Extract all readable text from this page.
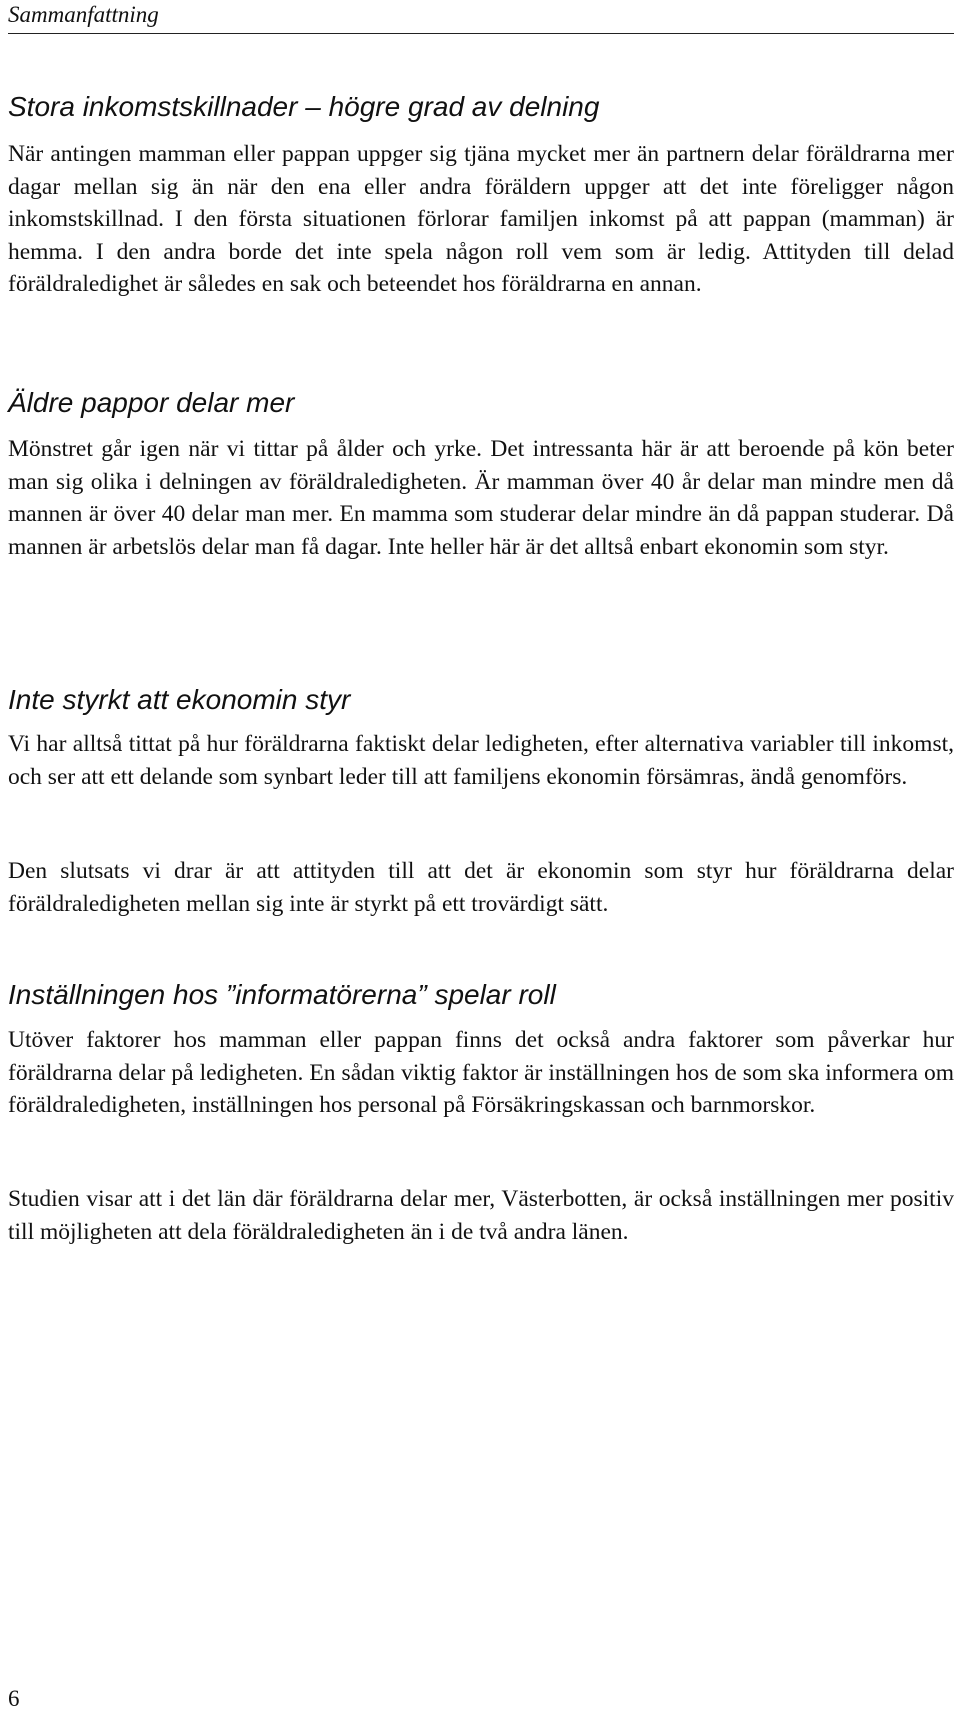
Sammanfattning
Stora inkomstskillnader – högre grad av delning

När antingen mamman eller pappan uppger sig tjäna mycket mer än partnern delar föräldrarna mer dagar mellan sig än när den ena eller andra föräldern uppger att det inte föreligger någon inkomstskillnad. I den första situationen förlorar familjen inkomst på att pappan (mamman) är hemma. I den andra borde det inte spela någon roll vem som är ledig. Attityden till delad föräldraledighet är således en sak och beteendet hos föräldrarna en annan.

Äldre pappor delar mer

Mönstret går igen när vi tittar på ålder och yrke. Det intressanta här är att beroende på kön beter man sig olika i delningen av föräldraledigheten. Är mamman över 40 år delar man mindre men då mannen är över 40 delar man mer. En mamma som studerar delar mindre än då pappan studerar. Då mannen är arbetslös delar man få dagar. Inte heller här är det alltså enbart ekonomin som styr.

Inte styrkt att ekonomin styr

Vi har alltså tittat på hur föräldrarna faktiskt delar ledigheten, efter alternativa variabler till inkomst, och ser att ett delande som synbart leder till att familjens ekonomin försämras, ändå genomförs.

Den slutsats vi drar är att attityden till att det är ekonomin som styr hur föräldrarna delar föräldraledigheten mellan sig inte är styrkt på ett trovärdigt sätt.

Inställningen hos ”informatörerna” spelar roll

Utöver faktorer hos mamman eller pappan finns det också andra faktorer som påverkar hur föräldrarna delar på ledigheten. En sådan viktig faktor är inställningen hos de som ska informera om föräldraledigheten, inställningen hos personal på Försäkringskassan och barnmorskor.

Studien visar att i det län där föräldrarna delar mer, Västerbotten, är också inställningen mer positiv till möjligheten att dela föräldraledigheten än i de två andra länen.

6
